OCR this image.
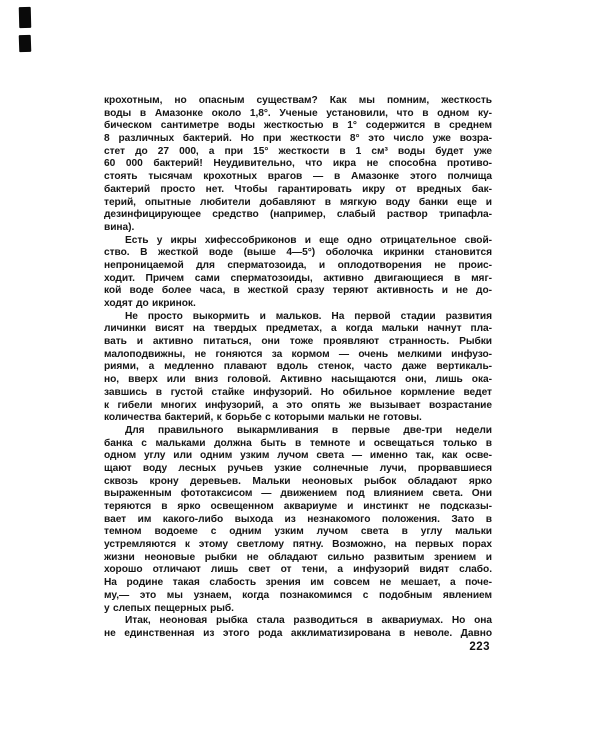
крохотным, но опасным существам? Как мы помним, жесткость
воды в Амазонке около 1,8°. Ученые установили, что в одном ку-
бическом сантиметре воды жесткостью в 1° содержится в среднем
8 различных бактерий. Но при жесткости 8° это число уже возра-
стет до 27 000, а при 15° жесткости в 1 см³ воды будет уже
60 000 бактерий! Неудивительно, что икра не способна противо-
стоять тысячам крохотных врагов — в Амазонке этого полчища
бактерий просто нет. Чтобы гарантировать икру от вредных бак-
терий, опытные любители добавляют в мягкую воду банки еще и
дезинфицирующее средство (например, слабый раствор трипафла-
вина).
Есть у икры хифессобриконов и еще одно отрицательное свой-
ство. В жесткой воде (выше 4—5°) оболочка икринки становится
непроницаемой для сперматозоида, и оплодотворения не проис-
ходит. Причем сами сперматозоиды, активно двигающиеся в мяг-
кой воде более часа, в жесткой сразу теряют активность и не до-
ходят до икринок.
Не просто выкормить и мальков. На первой стадии развития
личинки висят на твердых предметах, а когда мальки начнут пла-
вать и активно питаться, они тоже проявляют странность. Рыбки
малоподвижны, не гоняются за кормом — очень мелкими инфузо-
риями, а медленно плавают вдоль стенок, часто даже вертикаль-
но, вверх или вниз головой. Активно насыщаются они, лишь ока-
завшись в густой стайке инфузорий. Но обильное кормление ведет
к гибели многих инфузорий, а это опять же вызывает возрастание
количества бактерий, к борьбе с которыми мальки не готовы.
Для правильного выкармливания в первые две-три недели
банка с мальками должна быть в темноте и освещаться только в
одном углу или одним узким лучом света — именно так, как осве-
щают воду лесных ручьев узкие солнечные лучи, прорвавшиеся
сквозь крону деревьев. Мальки неоновых рыбок обладают ярко
выраженным фототаксисом — движением под влиянием света. Они
теряются в ярко освещенном аквариуме и инстинкт не подсказы-
вает им какого-либо выхода из незнакомого положения. Зато в
темном водоеме с одним узким лучом света в углу мальки
устремляются к этому светлому пятну. Возможно, на первых порах
жизни неоновые рыбки не обладают сильно развитым зрением и
хорошо отличают лишь свет от тени, а инфузорий видят слабо.
На родине такая слабость зрения им совсем не мешает, а поче-
му,— это мы узнаем, когда познакомимся с подобным явлением
у слепых пещерных рыб.
Итак, неоновая рыбка стала разводиться в аквариумах. Но она
не единственная из этого рода акклиматизирована в неволе. Давно
223
